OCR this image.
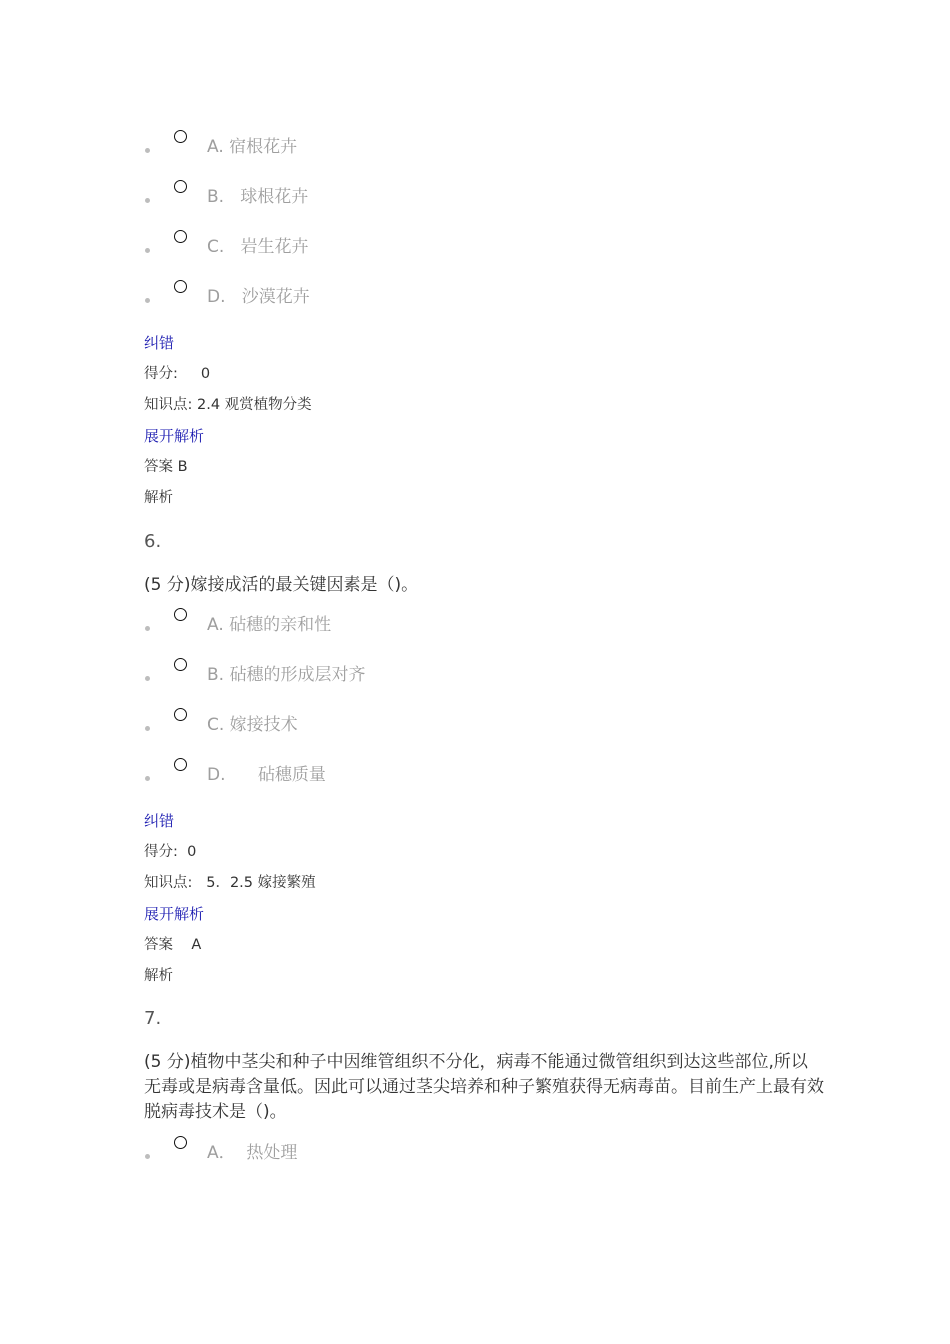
A. 宿根花卉
B.   球根花卉
C.   岩生花卉
D.   沙漠花卉
纠错
得分:     0
知识点: 2.4 观赏植物分类
展开解析
答案 B
解析
6.
(5 分)嫁接成活的最关键因素是（)。
A. 砧穗的亲和性
B. 砧穗的形成层对齐
C. 嫁接技术
D.      砧穗质量
纠错
得分:  0
知识点:   5．2.5 嫁接繁殖
展开解析
答案    A
解析
7.
(5 分)植物中茎尖和种子中因维管组织不分化，病毒不能通过微管组织到达这些部位,所以无毒或是病毒含量低。因此可以通过茎尖培养和种子繁殖获得无病毒苗。目前生产上最有效脱病毒技术是（)。
A．  热处理
